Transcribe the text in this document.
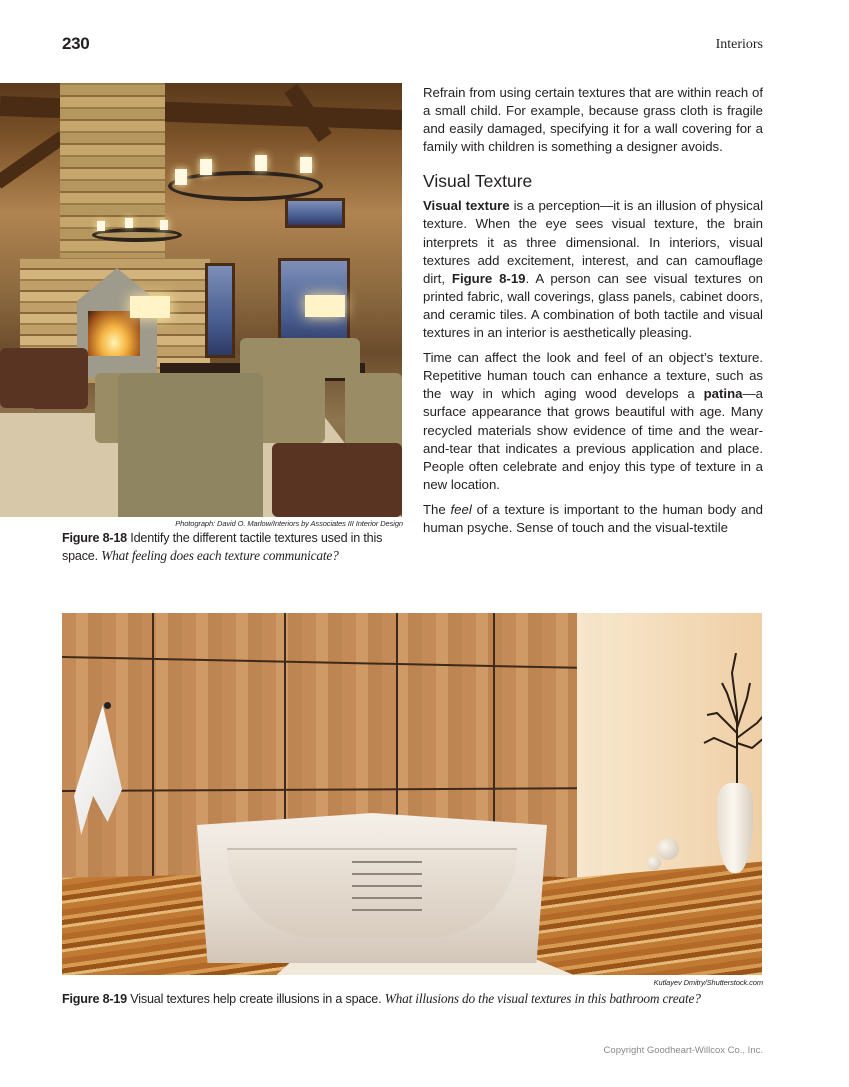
230	Interiors
Photograph: David O. Marlow/Interiors by Associates III Interior Design
Figure 8-18 Identify the different tactile textures used in this space. What feeling does each texture communicate?

Refrain from using certain textures that are within reach of a small child. For example, because grass cloth is fragile and easily damaged, specifying it for a wall covering for a family with children is something a designer avoids.

Visual Texture

Visual texture is a perception—it is an illusion of physical texture. When the eye sees visual texture, the brain interprets it as three dimensional. In interiors, visual textures add excitement, interest, and can camouflage dirt, Figure 8-19. A person can see visual textures on printed fabric, wall coverings, glass panels, cabinet doors, and ceramic tiles. A combination of both tactile and visual textures in an interior is aesthetically pleasing.

Time can affect the look and feel of an object’s texture. Repetitive human touch can enhance a texture, such as the way in which aging wood develops a patina—a surface appearance that grows beautiful with age. Many recycled materials show evidence of time and the wear-and-tear that indicates a previous application and place. People often celebrate and enjoy this type of texture in a new location.

The feel of a texture is important to the human body and human psyche. Sense of touch and the visual-textile

Kutlayev Dmitry/Shutterstock.com
Figure 8-19 Visual textures help create illusions in a space. What illusions do the visual textures in this bathroom create?
Copyright Goodheart-Willcox Co., Inc.
